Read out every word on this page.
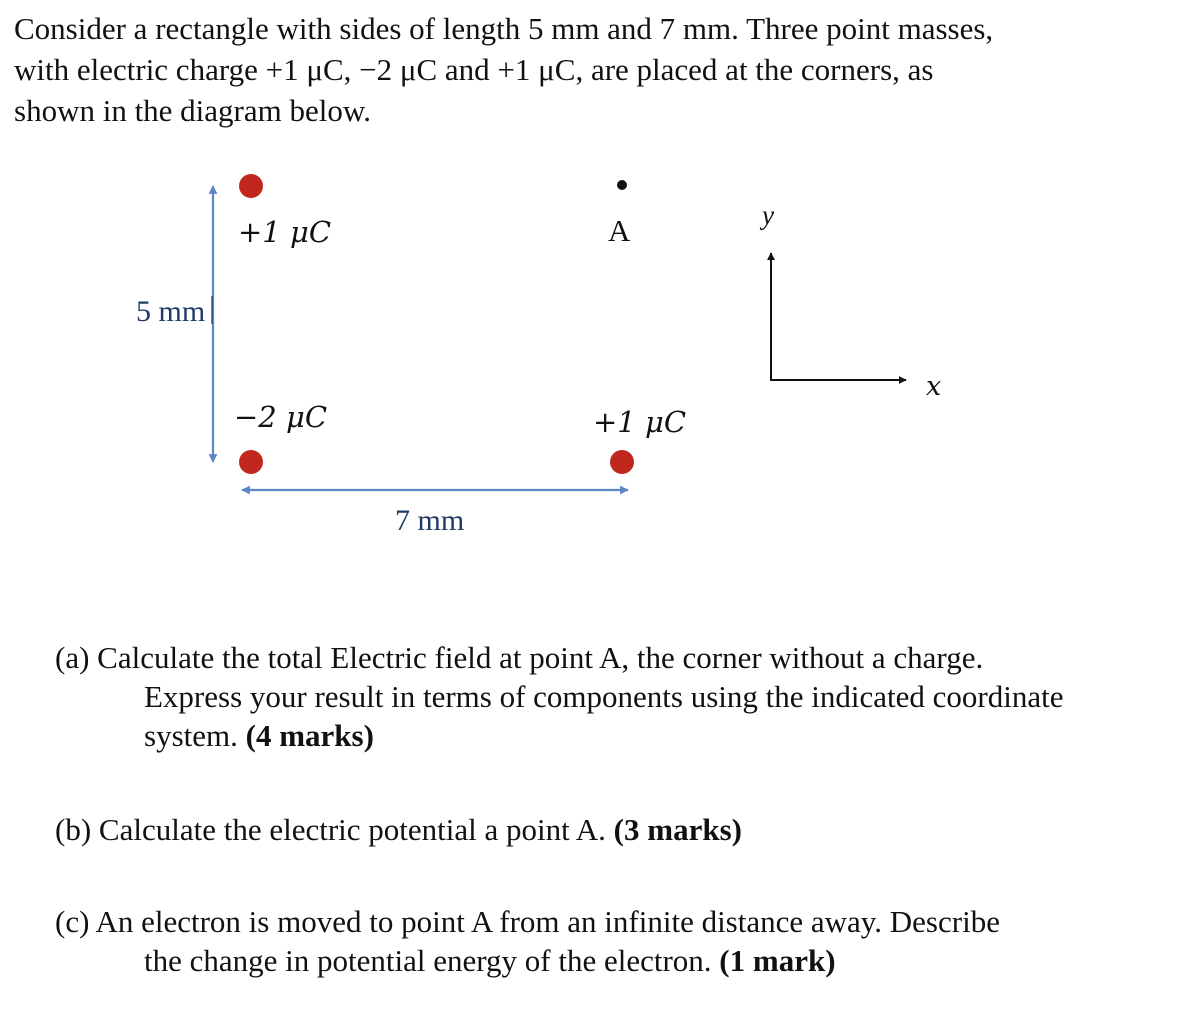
Consider a rectangle with sides of length 5 mm and 7 mm. Three point masses,
with electric charge +1 μC, −2 μC and +1 μC, are placed at the corners, as
shown in the diagram below.
+1 μC
−2 μC	+1 μC
A
5 mm
7 mm
y
x
(a) Calculate the total Electric field at point A, the corner without a charge.
Express your result in terms of components using the indicated coordinate
system. (4 marks)
(b) Calculate the electric potential a point A. (3 marks)
(c) An electron is moved to point A from an infinite distance away. Describe
the change in potential energy of the electron. (1 mark)
